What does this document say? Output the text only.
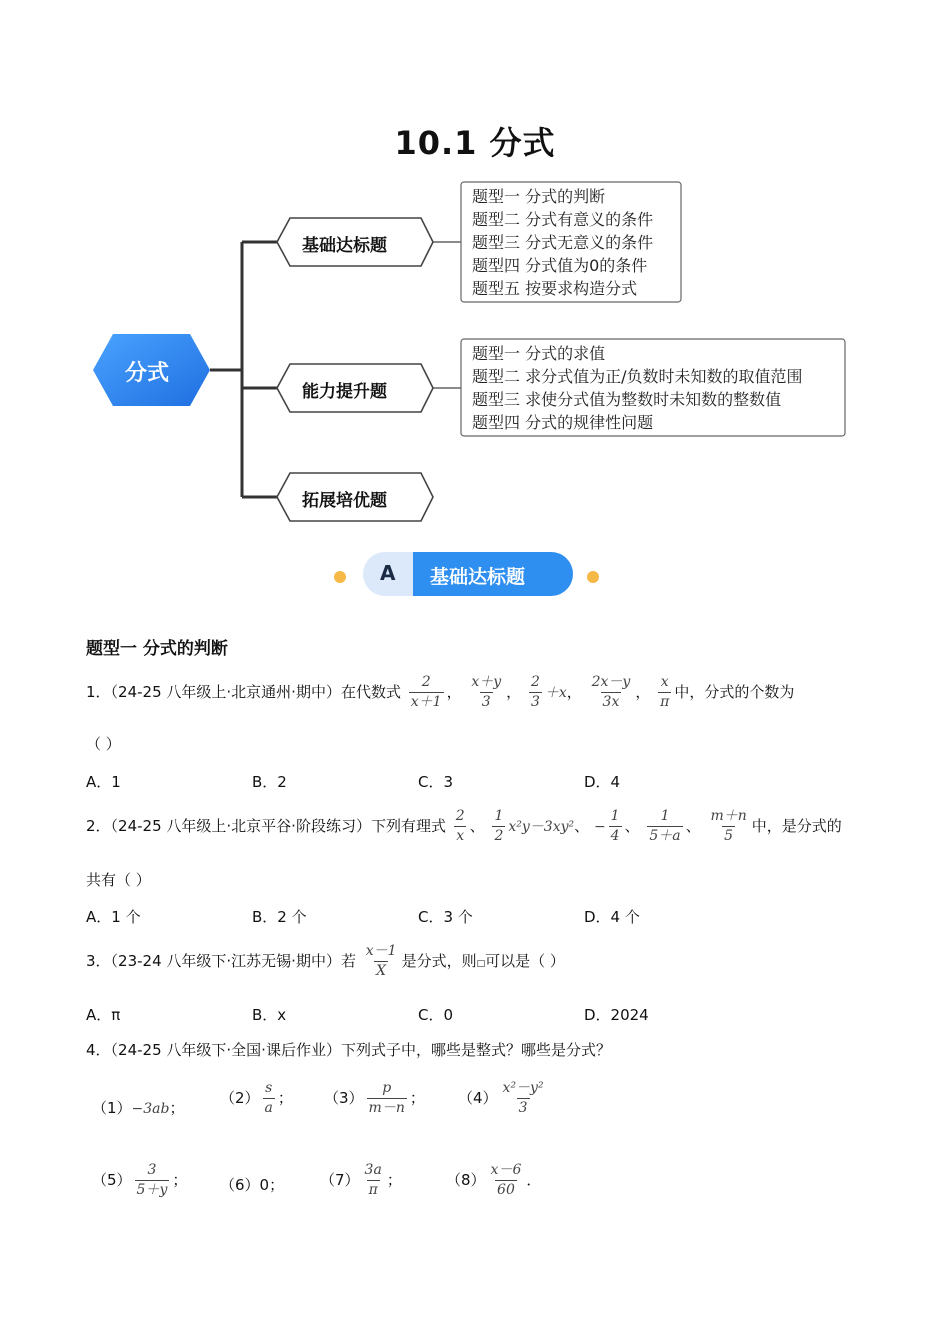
10.1 分式
分式
基础达标题
能力提升题
拓展培优题
题型一 分式的判断
题型二 分式有意义的条件
题型三 分式无意义的条件
题型四 分式值为0的条件
题型五 按要求构造分式
题型一 分式的求值
题型二 求分式值为正/负数时未知数的取值范围
题型三 求使分式值为整数时未知数的整数值
题型四 分式的规律性问题
A 基础达标题
题型一 分式的判断
1．（24-25 八年级上·北京通州·期中）在代数式 $\frac{2}{x+1}$ ， $\frac{x+y}{3}$ ， $\frac{2}{3} +x$， $\frac{2x-y}{3x}$ ， $\frac{x}{\pi}$ 中，分式的个数为
（ ）
A．1	B．2	C．3	D．4
2．（24-25 八年级上·北京平谷·阶段练习）下列有理式 $\frac{2}{x}$ 、 $\frac{1}{2} x^2y-3xy^2$、 − $\frac{1}{4}$ 、 $\frac{1}{5+a}$ 、 $\frac{m+n}{5}$ 中，是分式的
共有（ ）
A．1 个	B．2 个	C．3 个	D．4 个
3．（23-24 八年级下·江苏无锡·期中）若 $\frac{x-1}{X}$ 是分式，则□可以是（ ）
A．π	B．x	C．0	D．2024
4．（24-25 八年级下·全国·课后作业）下列式子中，哪些是整式？哪些是分式？
（1）−3ab；
$(2) \frac{s}{a}$ ； $(3) \frac{p}{m-n}$ ； $(4) \frac{\text{x²－y²}}{3}$
$(5) \frac{3}{5+y}$ ； （6）0； $(7) \frac{3a}{\pi}$ ；	$(8) \frac{x-6}{60}$ ．
